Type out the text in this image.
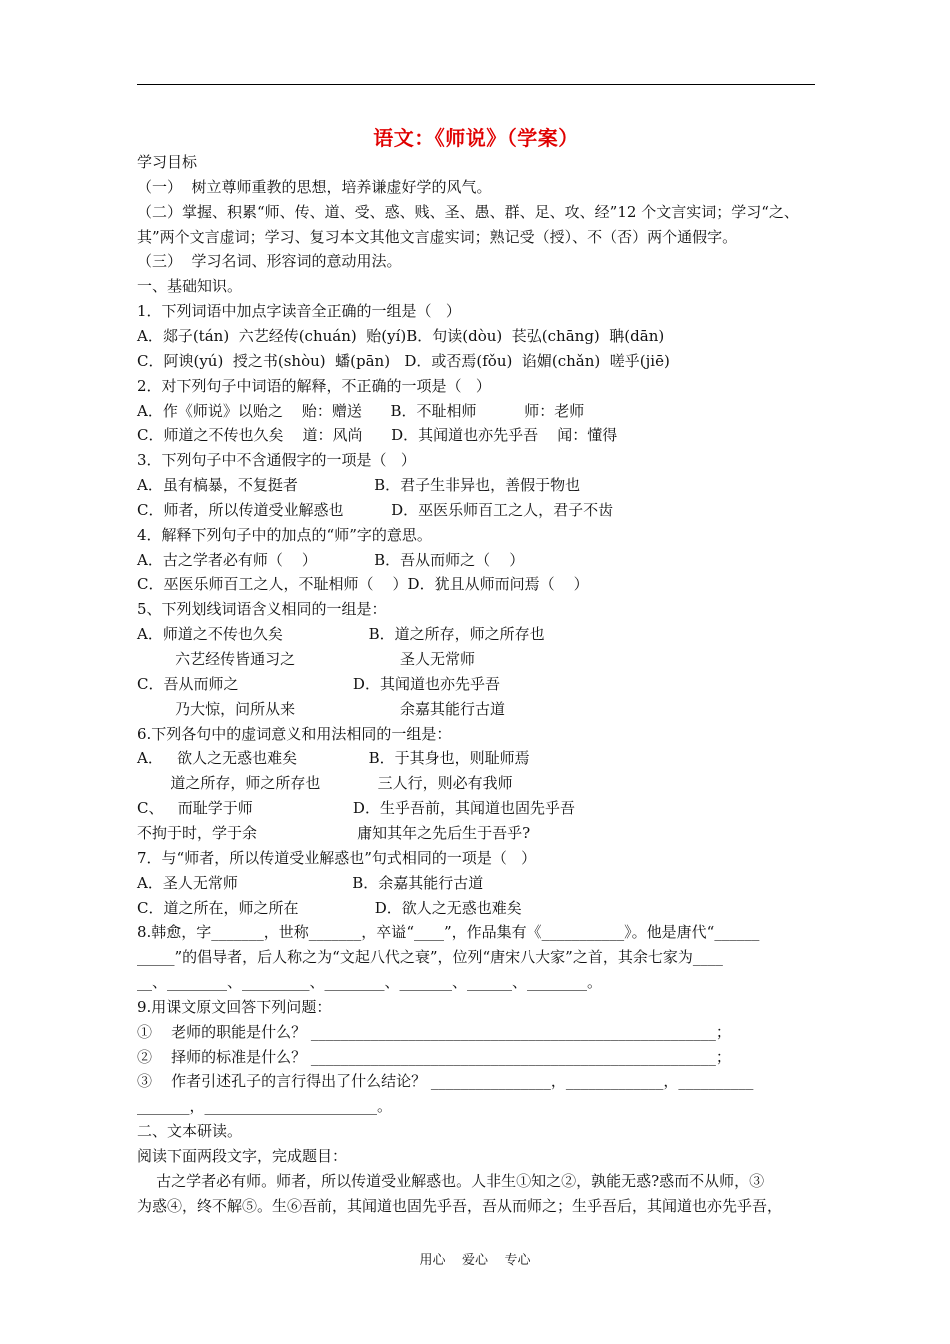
语文：《师说》（学案）
学习目标
（一）  树立尊师重教的思想，培养谦虚好学的风气。
（二）掌握、积累“师、传、道、受、惑、贱、圣、愚、群、足、攻、经”12 个文言实词；学习“之、
其”两个文言虚词；学习、复习本文其他文言虚实词；熟记受（授）、不（否）两个通假字。
（三）  学习名词、形容词的意动用法。
一、基础知识。
1．下列词语中加点字读音全正确的一组是（   ）
A．郯子(tán)  六艺经传(chuán)  贻(yí)B．句读(dòu)  苌弘(chāng)  聃(dān)
C．阿谀(yú)  授之书(shòu)  蟠(pān)   D．或否焉(fǒu)  谄媚(chǎn)  嗟乎(jiē)
2．对下列句子中词语的解释，不正确的一项是（   ）
A．作《师说》以贻之    贻：赠送      B．不耻相师          师：老师
C．师道之不传也久矣    道：风尚      D．其闻道也亦先乎吾    闻：懂得
3．下列句子中不含通假字的一项是（   ）
A．虽有槁暴，不复挺者                B．君子生非异也，善假于物也
C．师者，所以传道受业解惑也          D．巫医乐师百工之人，君子不齿
4．解释下列句子中的加点的“师”字的意思。
A．古之学者必有师（    ）            B．吾从而师之（    ）
C．巫医乐师百工之人，不耻相师（    ）D．犹且从师而问焉（    ）
5、下列划线词语含义相同的一组是：
A．师道之不传也久矣                  B．道之所存，师之所存也
六艺经传皆通习之                      圣人无常师
C．吾从而师之                        D．其闻道也亦先乎吾
乃大惊，问所从来                      余嘉其能行古道
6.下列各句中的虚词意义和用法相同的一组是：
A．   欲人之无惑也难矣               B．于其身也，则耻师焉
道之所存，师之所存也            三人行，则必有我师
C、   而耻学于师                     D．生乎吾前，其闻道也固先乎吾
不拘于时，学于余                     庸知其年之先后生于吾乎?
7．与“师者，所以传道受业解惑也”句式相同的一项是（   ）
A．圣人无常师                        B．余嘉其能行古道
C．道之所在，师之所在                D．欲人之无惑也难矣
8.韩愈，字_______，世称_______，卒谥“____”，作品集有《___________》。他是唐代“______
_____”的倡导者，后人称之为“文起八代之衰”，位列“唐宋八大家”之首，其余七家为____
__、________、_________、________、_______、______、________。
9.用课文原文回答下列问题：
①    老师的职能是什么？ ______________________________________________________；
②    择师的标准是什么？ ______________________________________________________；
③    作者引述孔子的言行得出了什么结论？ ________________，_____________，__________
_______，_______________________。
二、文本研读。
阅读下面两段文字，完成题目：
古之学者必有师。师者，所以传道受业解惑也。人非生①知之②，孰能无惑?惑而不从师，③
为惑④，终不解⑤。生⑥吾前，其闻道也固先乎吾，吾从而师之；生乎吾后，其闻道也亦先乎吾，
用心    爱心    专心
